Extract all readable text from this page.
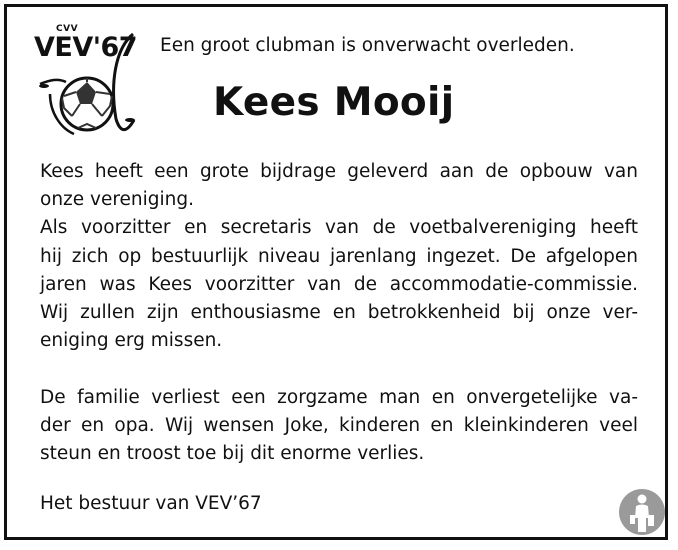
CVV
VEV'67 Een groot clubman is onverwacht overleden.
Kees Mooij
Kees heeft een grote bijdrage geleverd aan de opbouw van
onze vereniging.
Als voorzitter en secretaris van de voetbalvereniging heeft
hij zich op bestuurlijk niveau jarenlang ingezet. De afgelopen
jaren was Kees voorzitter van de accommodatie-commissie.
Wij zullen zijn enthousiasme en betrokkenheid bij onze ver-
eniging erg missen.
De familie verliest een zorgzame man en onvergetelijke va-
der en opa. Wij wensen Joke, kinderen en kleinkinderen veel
steun en troost toe bij dit enorme verlies.
Het bestuur van VEV’67
